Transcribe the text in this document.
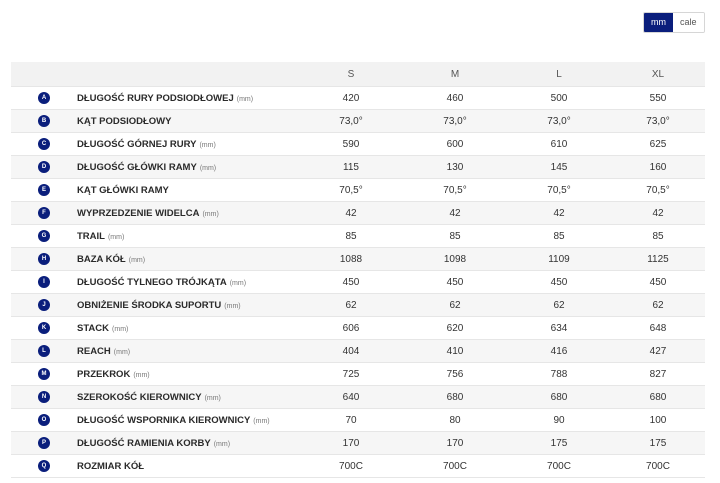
mm	cale
		S	M	L	XL
A	DŁUGOŚĆ RURY PODSIODŁOWEJ (mm)	420	460	500	550
B	KĄT PODSIODŁOWY	73,0°	73,0°	73,0°	73,0°
C	DŁUGOŚĆ GÓRNEJ RURY (mm)	590	600	610	625
D	DŁUGOŚĆ GŁÓWKI RAMY (mm)	115	130	145	160
E	KĄT GŁÓWKI RAMY	70,5°	70,5°	70,5°	70,5°
F	WYPRZEDZENIE WIDELCA (mm)	42	42	42	42
G	TRAIL (mm)	85	85	85	85
H	BAZA KÓŁ (mm)	1088	1098	1109	1125
I	DŁUGOŚĆ TYLNEGO TRÓJKĄTA (mm)	450	450	450	450
J	OBNIŻENIE ŚRODKA SUPORTU (mm)	62	62	62	62
K	STACK (mm)	606	620	634	648
L	REACH (mm)	404	410	416	427
M	PRZEKROK (mm)	725	756	788	827
N	SZEROKOŚĆ KIEROWNICY (mm)	640	680	680	680
O	DŁUGOŚĆ WSPORNIKA KIEROWNICY (mm)	70	80	90	100
P	DŁUGOŚĆ RAMIENIA KORBY (mm)	170	170	175	175
Q	ROZMIAR KÓŁ	700C	700C	700C	700C
